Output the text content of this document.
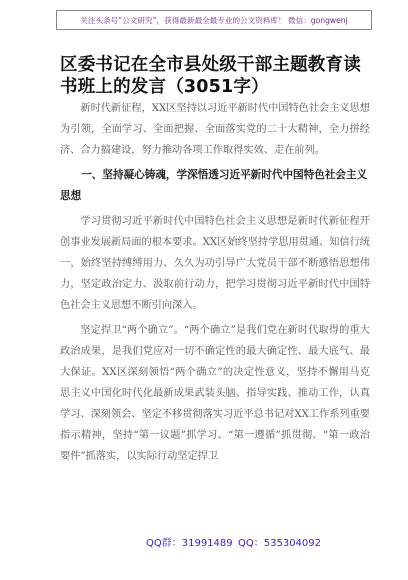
关注头条号“公文研究”，获得最新最全最专业的公文资料库！ 微信：gongwenj
区委书记在全市县处级干部主题教育读书班上的发言（3051字）

新时代新征程，XX区坚持以习近平新时代中国特色社会主义思想为引领，全面学习、全面把握、全面落实党的二十大精神，全力拼经济、合力搞建设，努力推动各项工作取得实效、走在前列。

一、坚持凝心铸魂，学深悟透习近平新时代中国特色社会主义思想

学习贯彻习近平新时代中国特色社会主义思想是新时代新征程开创事业发展新局面的根本要求。XX区始终坚持学思用贯通、知信行统一，始终坚持缚缚用力、久久为功引导广大党员干部不断感悟思想伟力，坚定政治定力、汲取前行动力，把学习贯彻习近平新时代中国特色社会主义思想不断引向深入。

坚定捍卫“两个确立”。“两个确立”是我们党在新时代取得的重大政治成果，是我们党应对一切不确定性的最大确定性、最大底气、最大保证。XX区深刻领悟“两个确立”的决定性意义，坚持不懈用马克思主义中国化时代化最新成果武装头脑、指导实践、推动工作，认真学习、深刻领会、坚定不移贯彻落实习近平总书记对XX工作系列重要指示精神，坚持“第一议题”抓学习、“第一遵循”抓贯彻、“第一政治要件”抓落实，以实际行动坚定捍卫

QQ群：31991489 QQ：535304092
